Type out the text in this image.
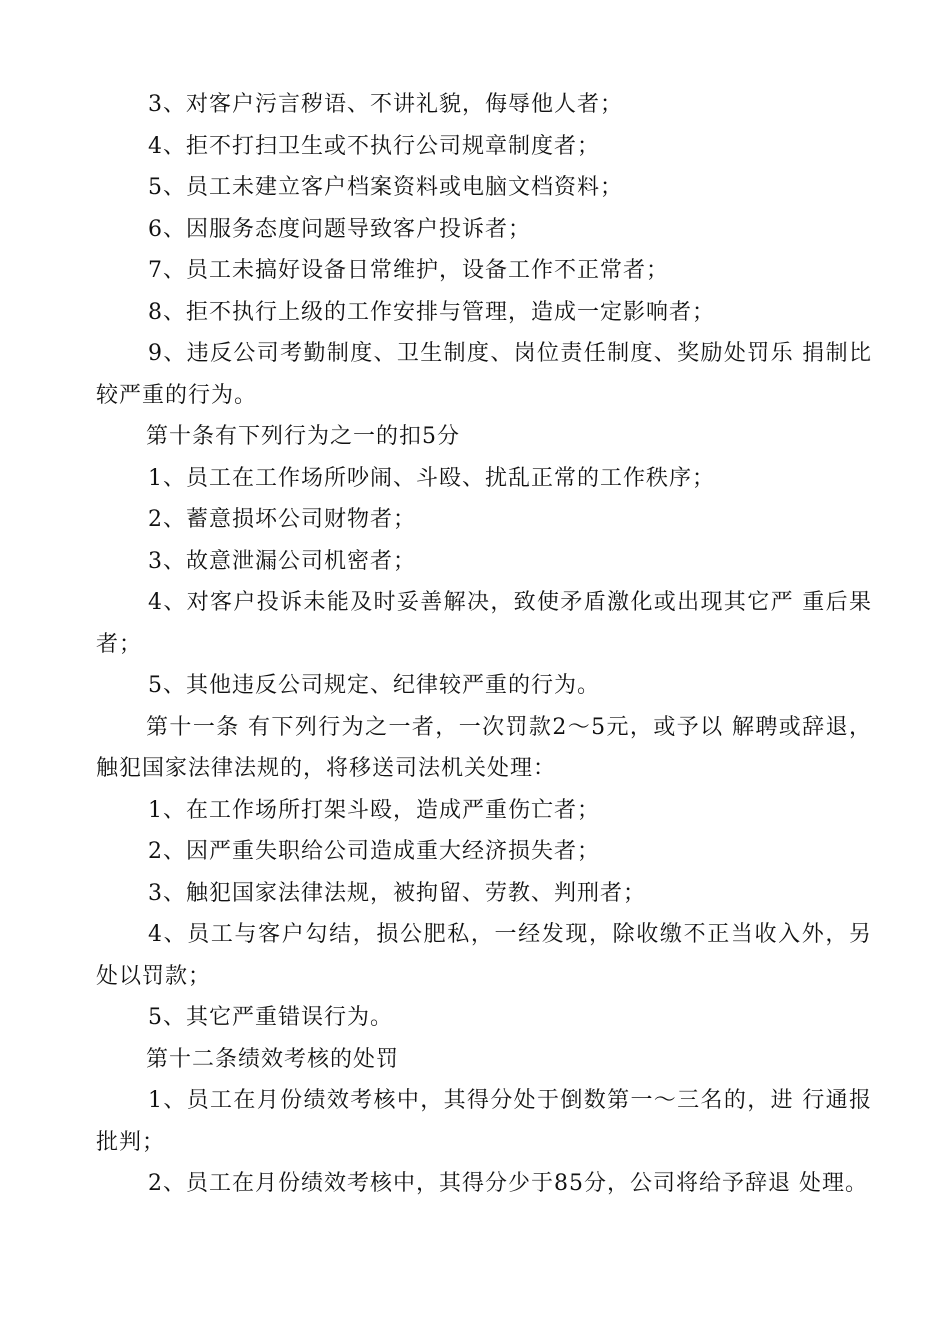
3、对客户污言秽语、不讲礼貌，侮辱他人者；

4、拒不打扫卫生或不执行公司规章制度者；

5、员工未建立客户档案资料或电脑文档资料；

6、因服务态度问题导致客户投诉者；

7、员工未搞好设备日常维护，设备工作不正常者；

8、拒不执行上级的工作安排与管理，造成一定影响者；

9、违反公司考勤制度、卫生制度、岗位责任制度、奖励处罚乐 捐制比较严重的行为。

第十条有下列行为之一的扣5分

1、员工在工作场所吵闹、斗殴、扰乱正常的工作秩序；

2、蓄意损坏公司财物者；

3、故意泄漏公司机密者；

4、对客户投诉未能及时妥善解决，致使矛盾激化或出现其它严 重后果者；

5、其他违反公司规定、纪律较严重的行为。

第十一条 有下列行为之一者，一次罚款2〜5元，或予以 解聘或辞退，触犯国家法律法规的，将移送司法机关处理：

1、在工作场所打架斗殴，造成严重伤亡者；

2、因严重失职给公司造成重大经济损失者；

3、触犯国家法律法规，被拘留、劳教、判刑者；

4、员工与客户勾结，损公肥私，一经发现，除收缴不正当收入外，另处以罚款；

5、其它严重错误行为。

第十二条绩效考核的处罚

1、员工在月份绩效考核中，其得分处于倒数第一〜三名的，进 行通报批判；

2、员工在月份绩效考核中，其得分少于85分，公司将给予辞退 处理。
